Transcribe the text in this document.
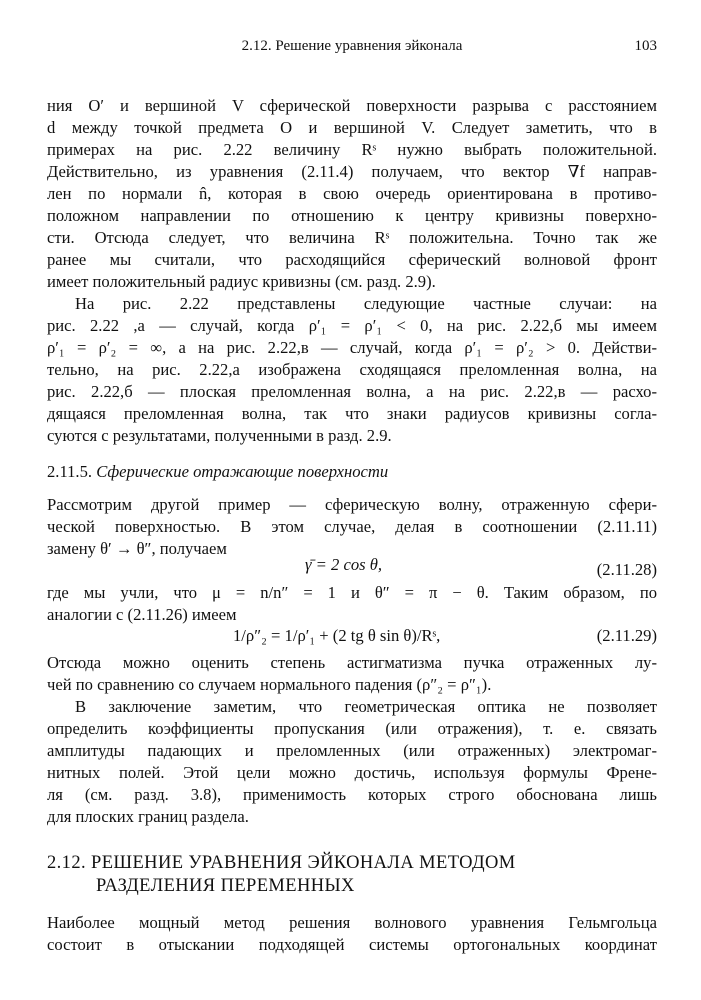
2.12. Решение уравнения эйконала	103
ния O′ и вершиной V сферической поверхности разрыва с расстоянием
d между точкой предмета O и вершиной V. Следует заметить, что в
примерах на рис. 2.22 величину Rˢ нужно выбрать положительной.
Действительно, из уравнения (2.11.4) получаем, что вектор ∇f направ-
лен по нормали n̂, которая в свою очередь ориентирована в противо-
положном направлении по отношению к центру кривизны поверхно-
сти. Отсюда следует, что величина Rˢ положительна. Точно так же
ранее мы считали, что расходящийся сферический волновой фронт
имеет положительный радиус кривизны (см. разд. 2.9).
На рис. 2.22 представлены следующие частные случаи: на
рис. 2.22 ,а — случай, когда ρ′₁ = ρ′₁ < 0, на рис. 2.22,б мы имеем
ρ′₁ = ρ′₂ = ∞, а на рис. 2.22,в — случай, когда ρ′₁ = ρ′₂ > 0. Действи-
тельно, на рис. 2.22,а изображена сходящаяся преломленная волна, на
рис. 2.22,б — плоская преломленная волна, а на рис. 2.22,в — расхо-
дящаяся преломленная волна, так что знаки радиусов кривизны согла-
суются с результатами, полученными в разд. 2.9.
2.11.5. Сферические отражающие поверхности
Рассмотрим другой пример — сферическую волну, отраженную сфери-
ческой поверхностью. В этом случае, делая в соотношении (2.11.11)
замену θ′ → θ″, получаем
γ̄ = 2 cos θ,	(2.11.28)
где мы учли, что μ = n/n″ = 1 и θ″ = π − θ. Таким образом, по
аналогии с (2.11.26) имеем
1/ρ″₂ = 1/ρ′₁ + (2 tg θ sin θ)/Rˢ,	(2.11.29)
Отсюда можно оценить степень астигматизма пучка отраженных лу-
чей по сравнению со случаем нормального падения (ρ″₂ = ρ″₁).
В заключение заметим, что геометрическая оптика не позволяет
определить коэффициенты пропускания (или отражения), т. е. связать
амплитуды падающих и преломленных (или отраженных) электромаг-
нитных полей. Этой цели можно достичь, используя формулы Френе-
ля (см. разд. 3.8), применимость которых строго обоснована лишь
для плоских границ раздела.
2.12. РЕШЕНИЕ УРАВНЕНИЯ ЭЙКОНАЛА МЕТОДОМ
РАЗДЕЛЕНИЯ ПЕРЕМЕННЫХ
Наиболее мощный метод решения волнового уравнения Гельмгольца
состоит в отыскании подходящей системы ортогональных координат
